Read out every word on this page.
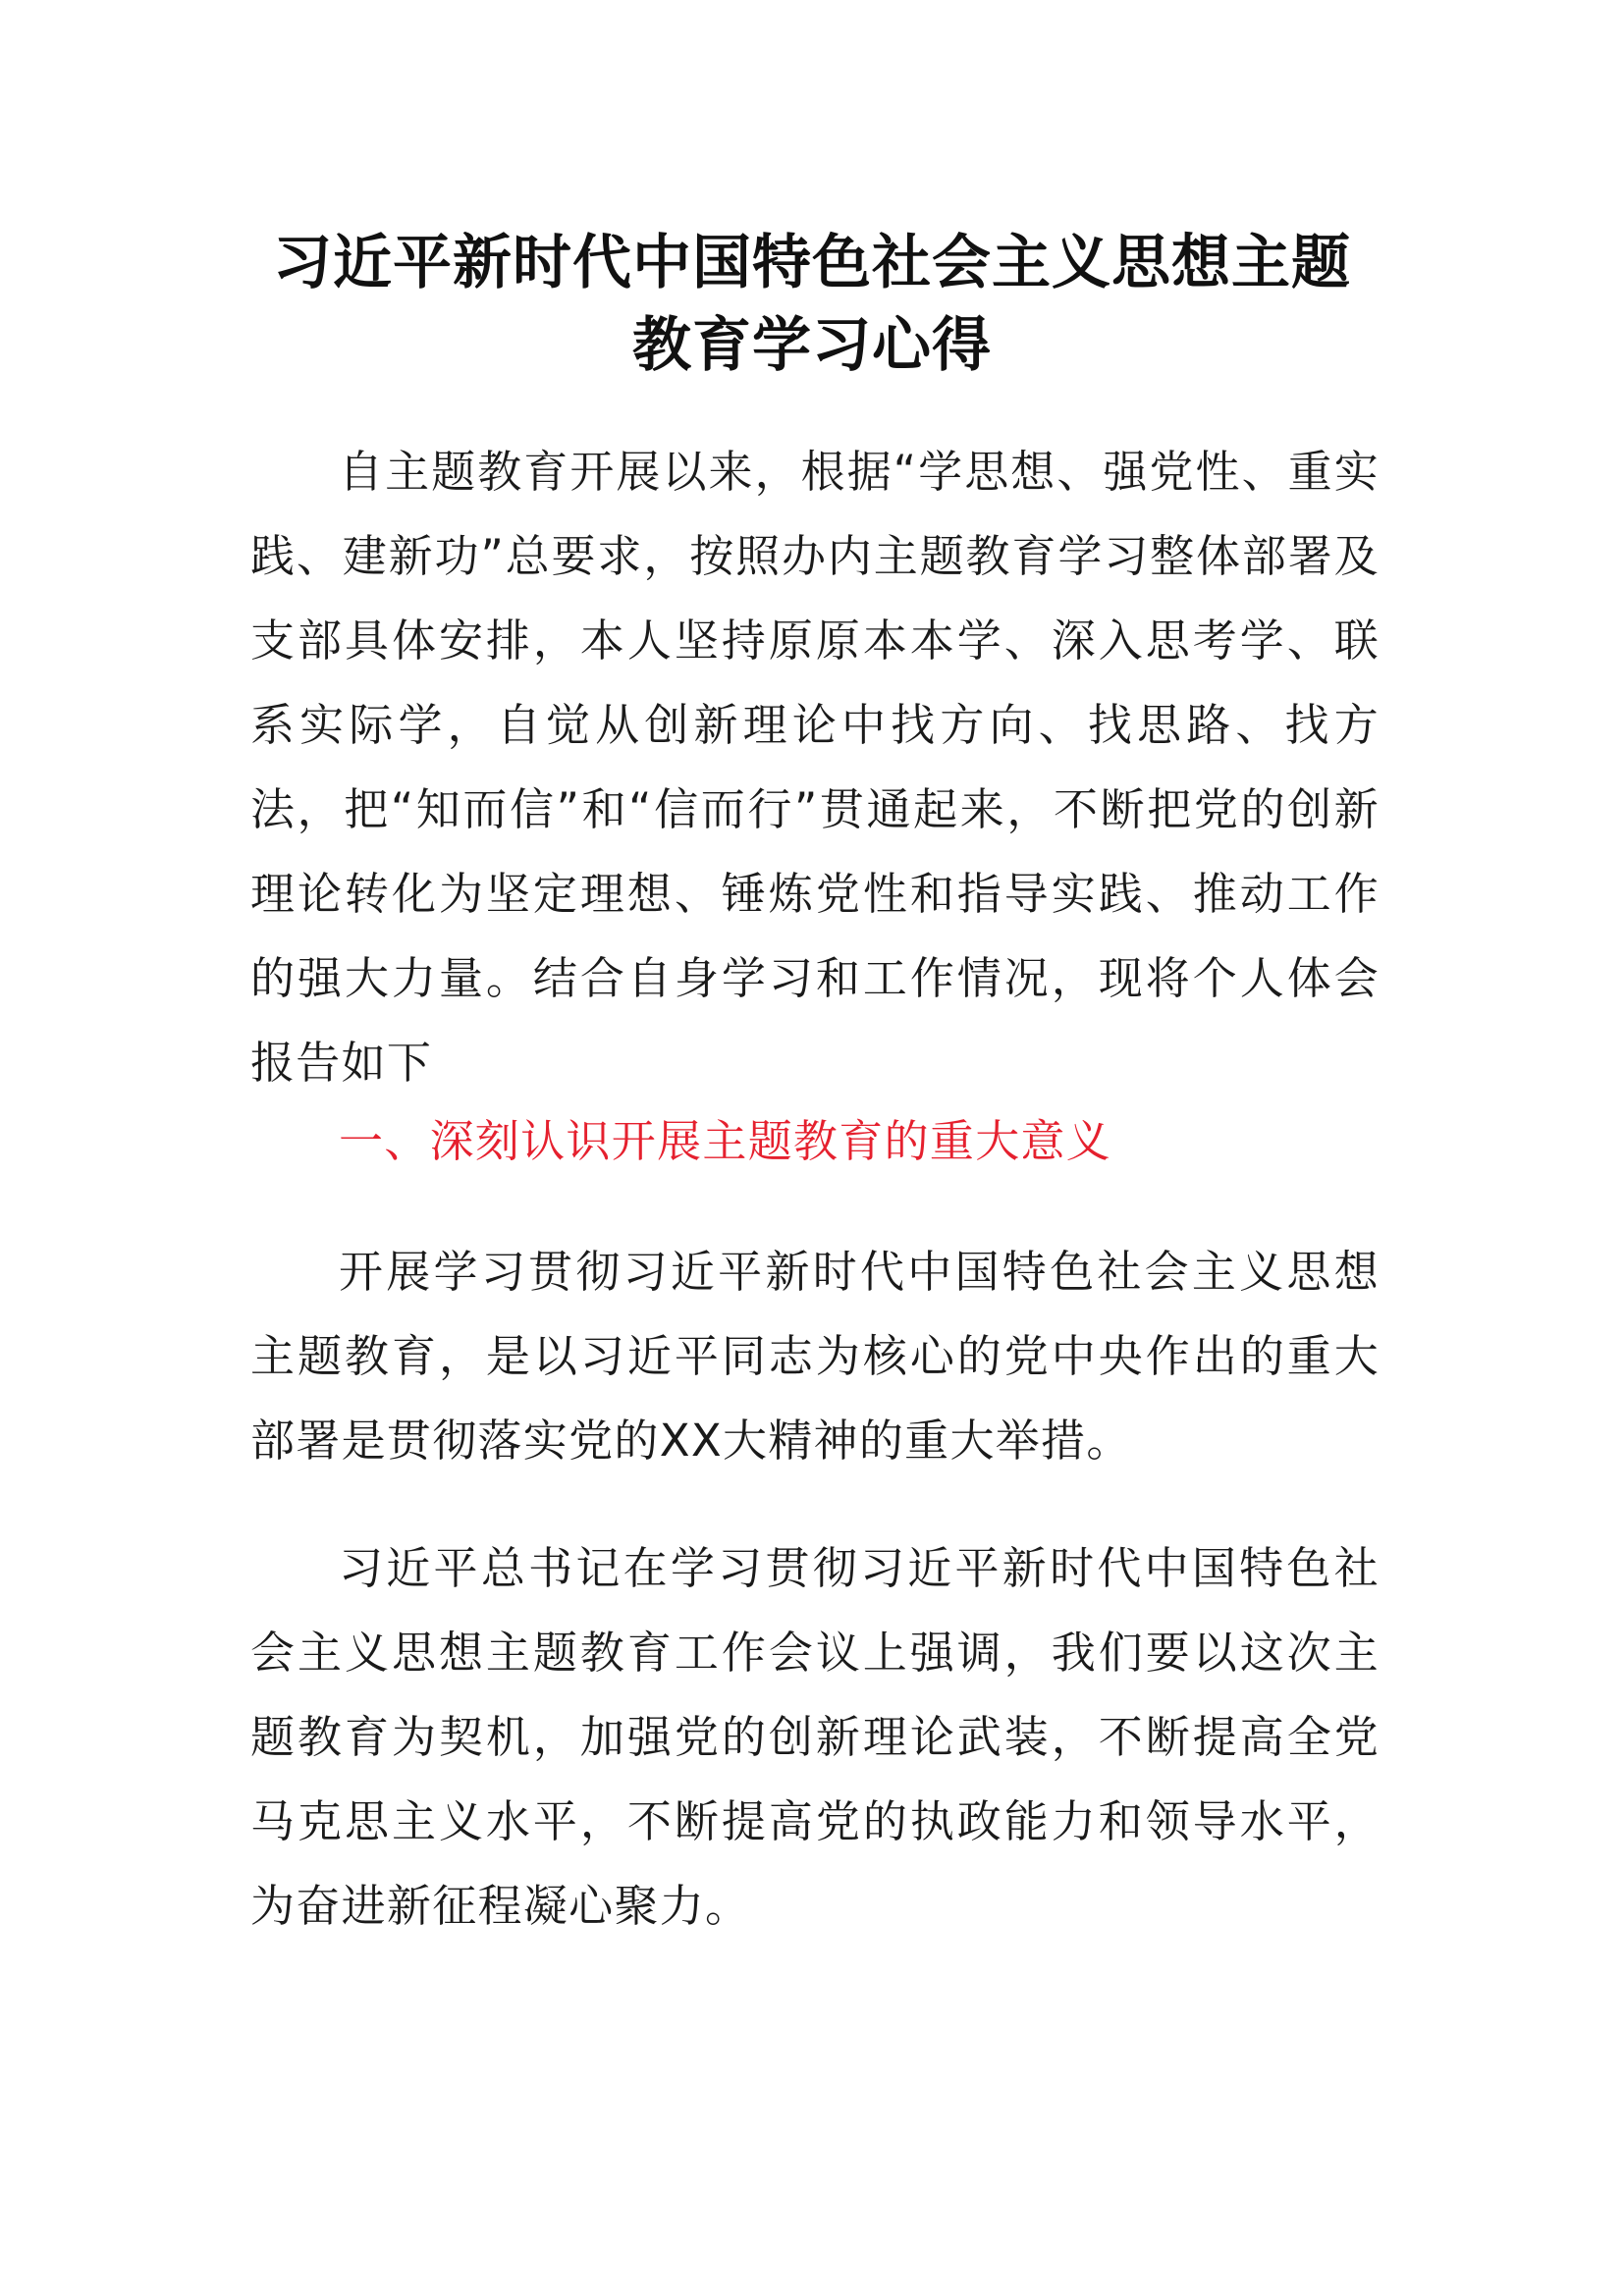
习近平新时代中国特色社会主义思想主题
教育学习心得

自主题教育开展以来，根据“学思想、强党性、重实践、建新功”总要求，按照办内主题教育学习整体部署及支部具体安排，本人坚持原原本本学、深入思考学、联系实际学，自觉从创新理论中找方向、找思路、找方法，把“知而信”和“信而行”贯通起来，不断把党的创新理论转化为坚定理想、锤炼党性和指导实践、推动工作的强大力量。结合自身学习和工作情况，现将个人体会报告如下

一、深刻认识开展主题教育的重大意义

开展学习贯彻习近平新时代中国特色社会主义思想主题教育，是以习近平同志为核心的党中央作出的重大部署是贯彻落实党的XX大精神的重大举措。

习近平总书记在学习贯彻习近平新时代中国特色社会主义思想主题教育工作会议上强调，我们要以这次主题教育为契机，加强党的创新理论武装，不断提高全党马克思主义水平，不断提高党的执政能力和领导水平，为奋进新征程凝心聚力。
